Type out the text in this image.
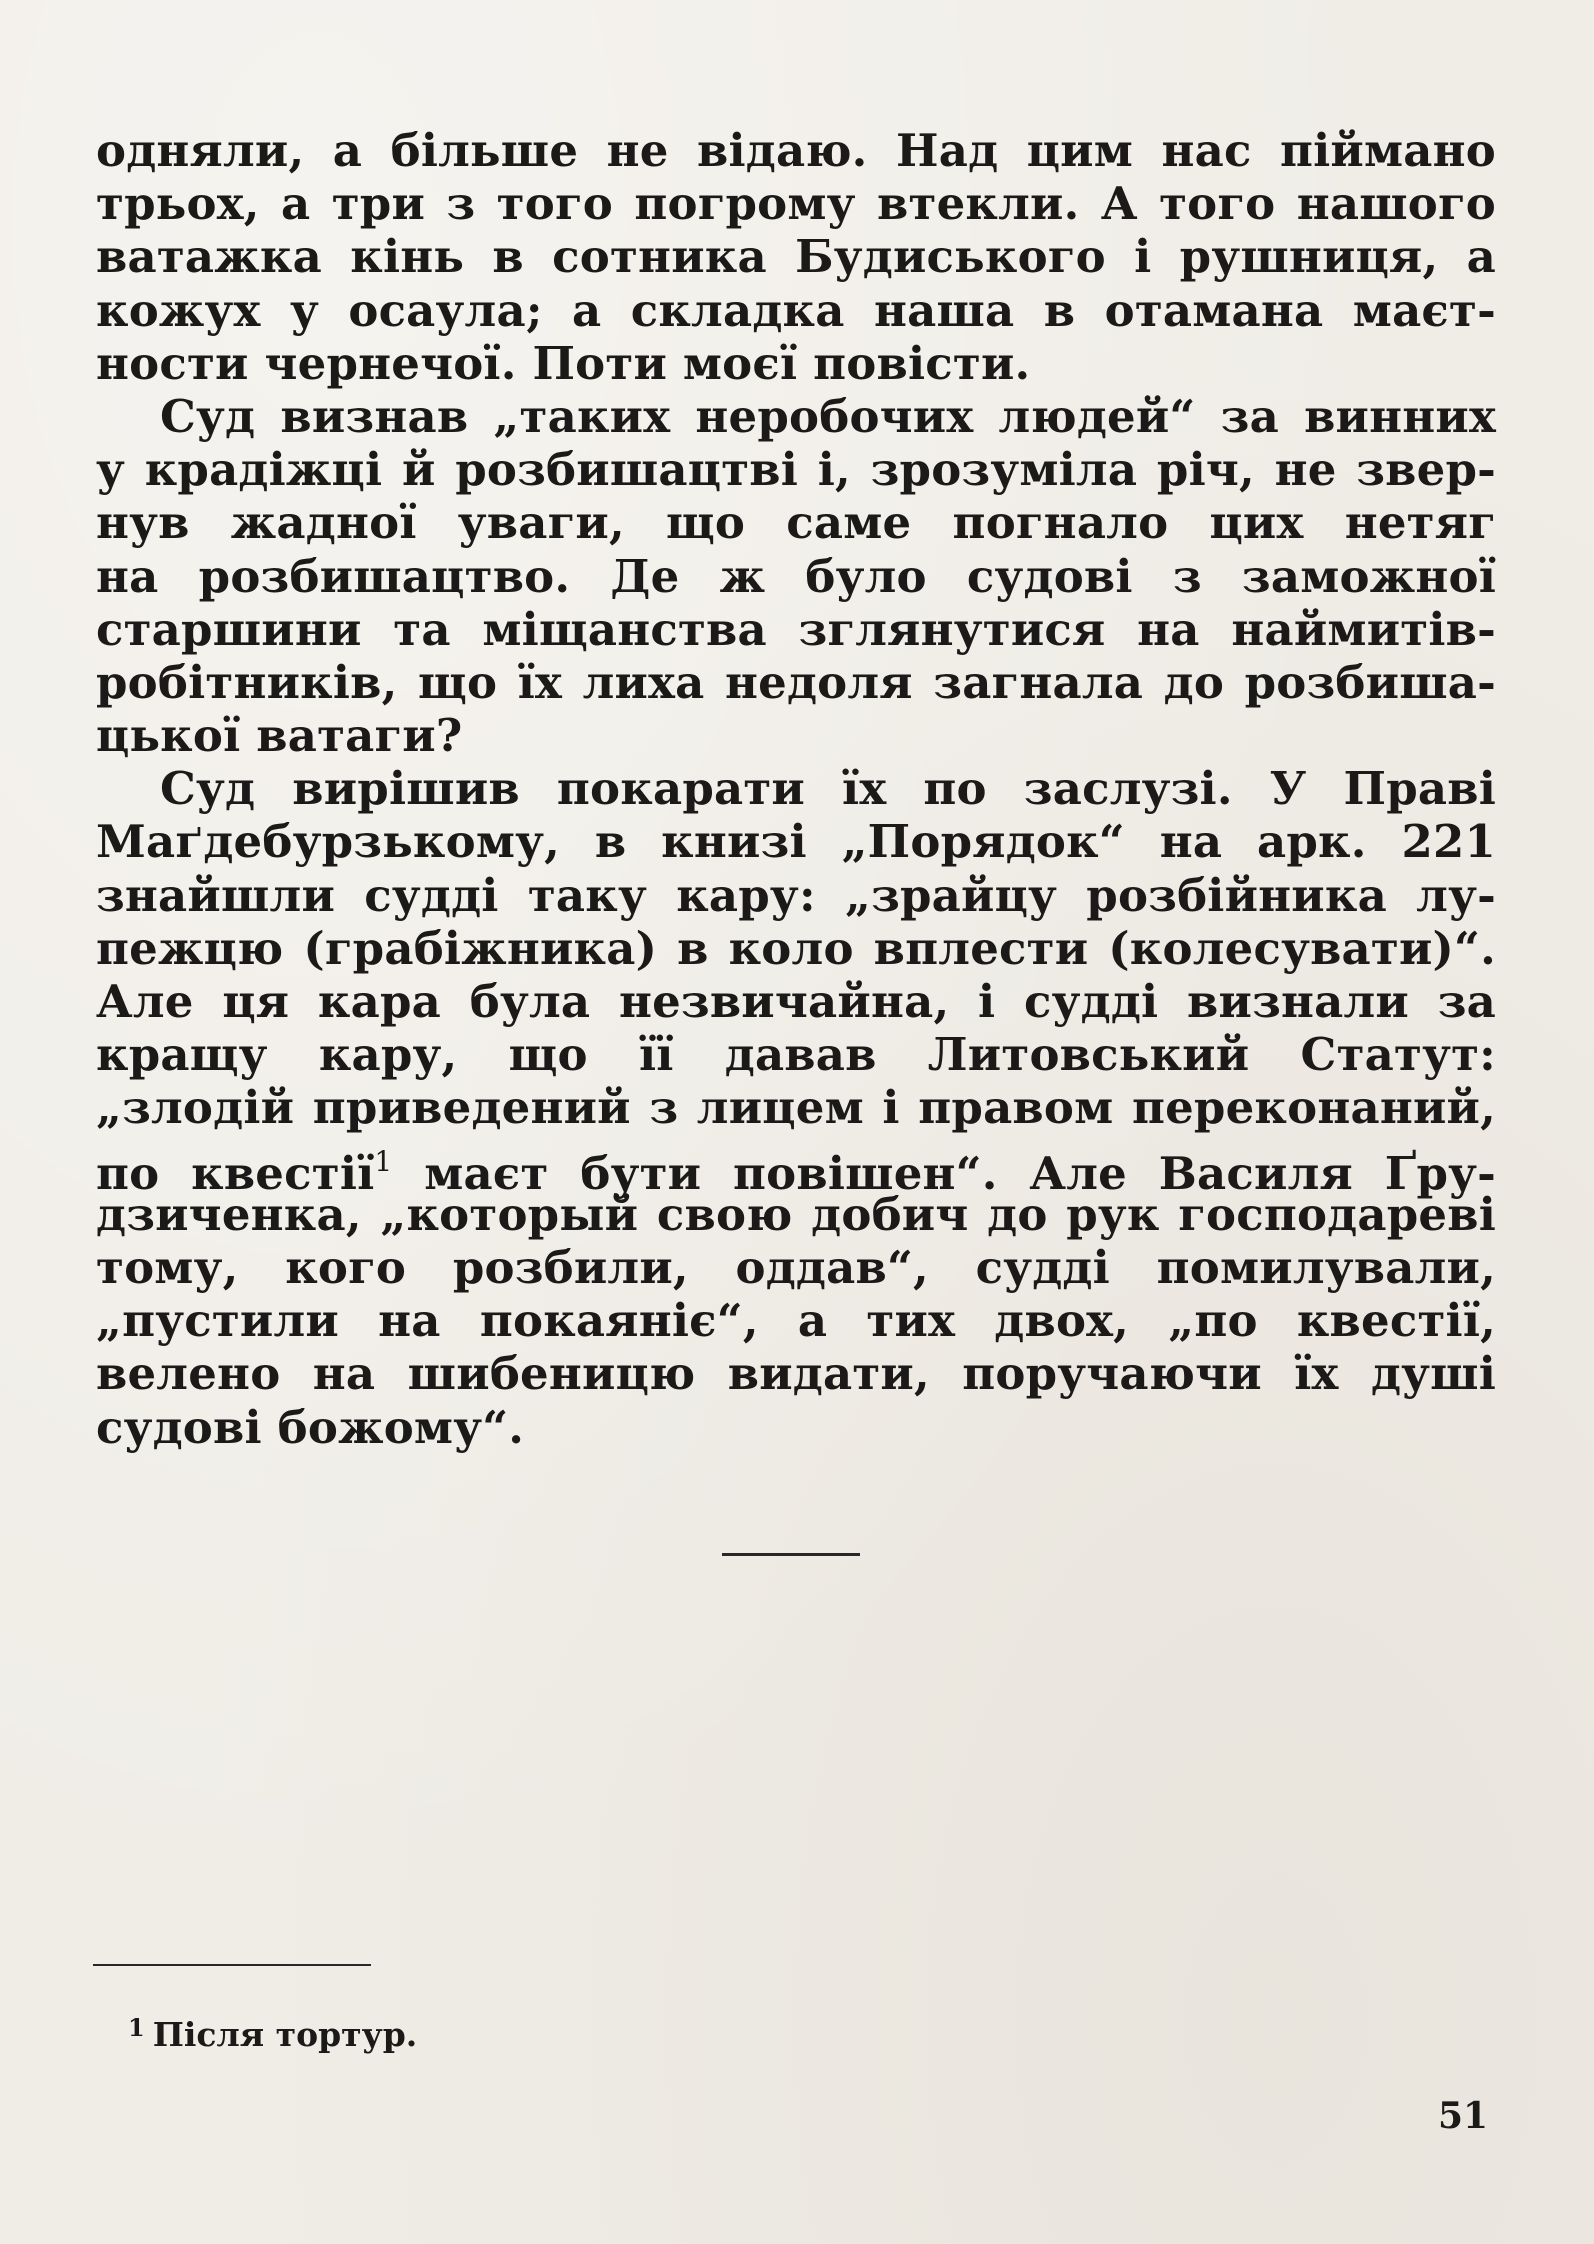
одняли, а більше не відаю. Над цим нас піймано
трьох, а три з того погрому втекли. А того нашого
ватажка кінь в сотника Будиського і рушниця, а
кожух у осаула; а складка наша в отамана маєт-
ности чернечої. Поти моєї повісти.
Суд визнав „таких неробочих людей“ за винних
у крадіжці й розбишацтві і, зрозуміла річ, не звер-
нув жадної уваги, що саме погнало цих нетяг
на розбишацтво. Де ж було судові з заможної
старшини та міщанства зглянутися на наймитів-
робітників, що їх лиха недоля загнала до розбиша-
цької ватаги?
Суд вирішив покарати їх по заслузі. У Праві
Маґдебурзькому, в книзі „Порядок“ на арк. 221
знайшли судді таку кару: „зрайцу розбійника лу-
пежцю (грабіжника) в коло вплести (колесувати)“.
Але ця кара була незвичайна, і судді визнали за
кращу кару, що її давав Литовський Статут:
„злодій приведений з лицем і правом переконаний,
по квестії$^1$ маєт бути повішен“. Але Василя Ґру-
дзиченка, „который свою добич до рук господареві
тому, кого розбили, оддав“, судді помилували,
„пустили на покаяніє“, а тих двох, „по квестії,
велено на шибеницю видати, поручаючи їх душі
судові божому“.
$^1$ Після тортур.
51
